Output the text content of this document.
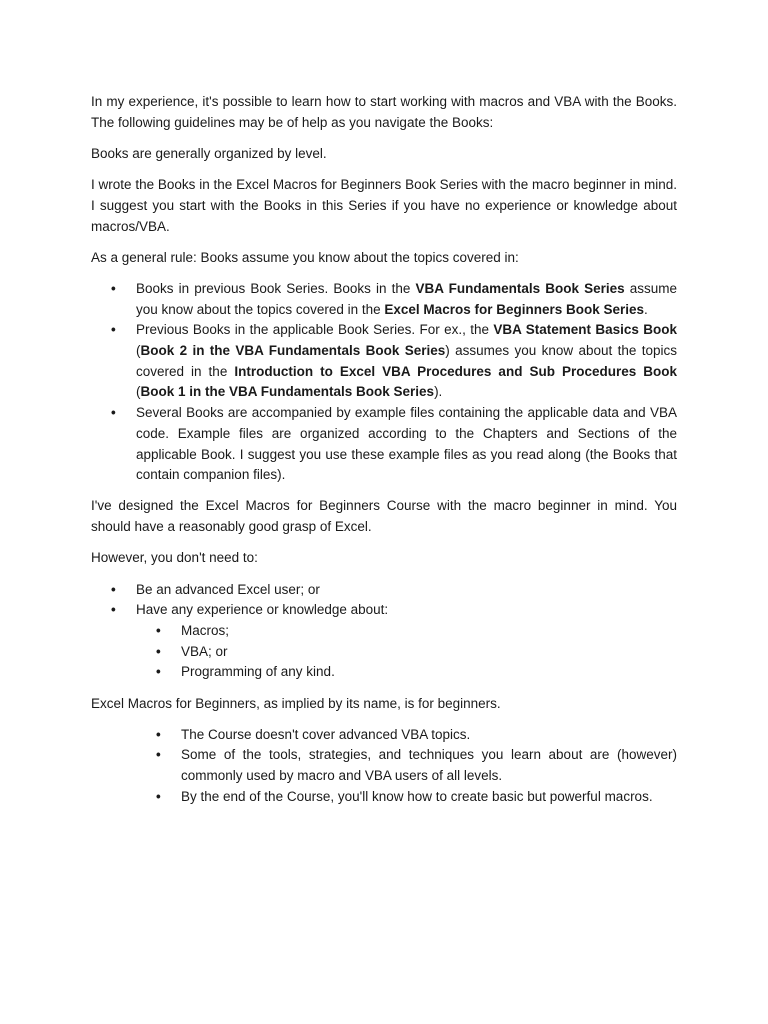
In my experience, it's possible to learn how to start working with macros and VBA with the Books. The following guidelines may be of help as you navigate the Books:

Books are generally organized by level.

I wrote the Books in the Excel Macros for Beginners Book Series with the macro beginner in mind. I suggest you start with the Books in this Series if you have no experience or knowledge about macros/VBA.

As a general rule: Books assume you know about the topics covered in:

• Books in previous Book Series. Books in the VBA Fundamentals Book Series assume you know about the topics covered in the Excel Macros for Beginners Book Series.
• Previous Books in the applicable Book Series. For ex., the VBA Statement Basics Book (Book 2 in the VBA Fundamentals Book Series) assumes you know about the topics covered in the Introduction to Excel VBA Procedures and Sub Procedures Book (Book 1 in the VBA Fundamentals Book Series).
• Several Books are accompanied by example files containing the applicable data and VBA code. Example files are organized according to the Chapters and Sections of the applicable Book. I suggest you use these example files as you read along (the Books that contain companion files).

I've designed the Excel Macros for Beginners Course with the macro beginner in mind. You should have a reasonably good grasp of Excel.

However, you don't need to:

• Be an advanced Excel user; or
• Have any experience or knowledge about:
• Macros;
• VBA; or
• Programming of any kind.

Excel Macros for Beginners, as implied by its name, is for beginners.

• The Course doesn't cover advanced VBA topics.
• Some of the tools, strategies, and techniques you learn about are (however) commonly used by macro and VBA users of all levels.
• By the end of the Course, you'll know how to create basic but powerful macros.
